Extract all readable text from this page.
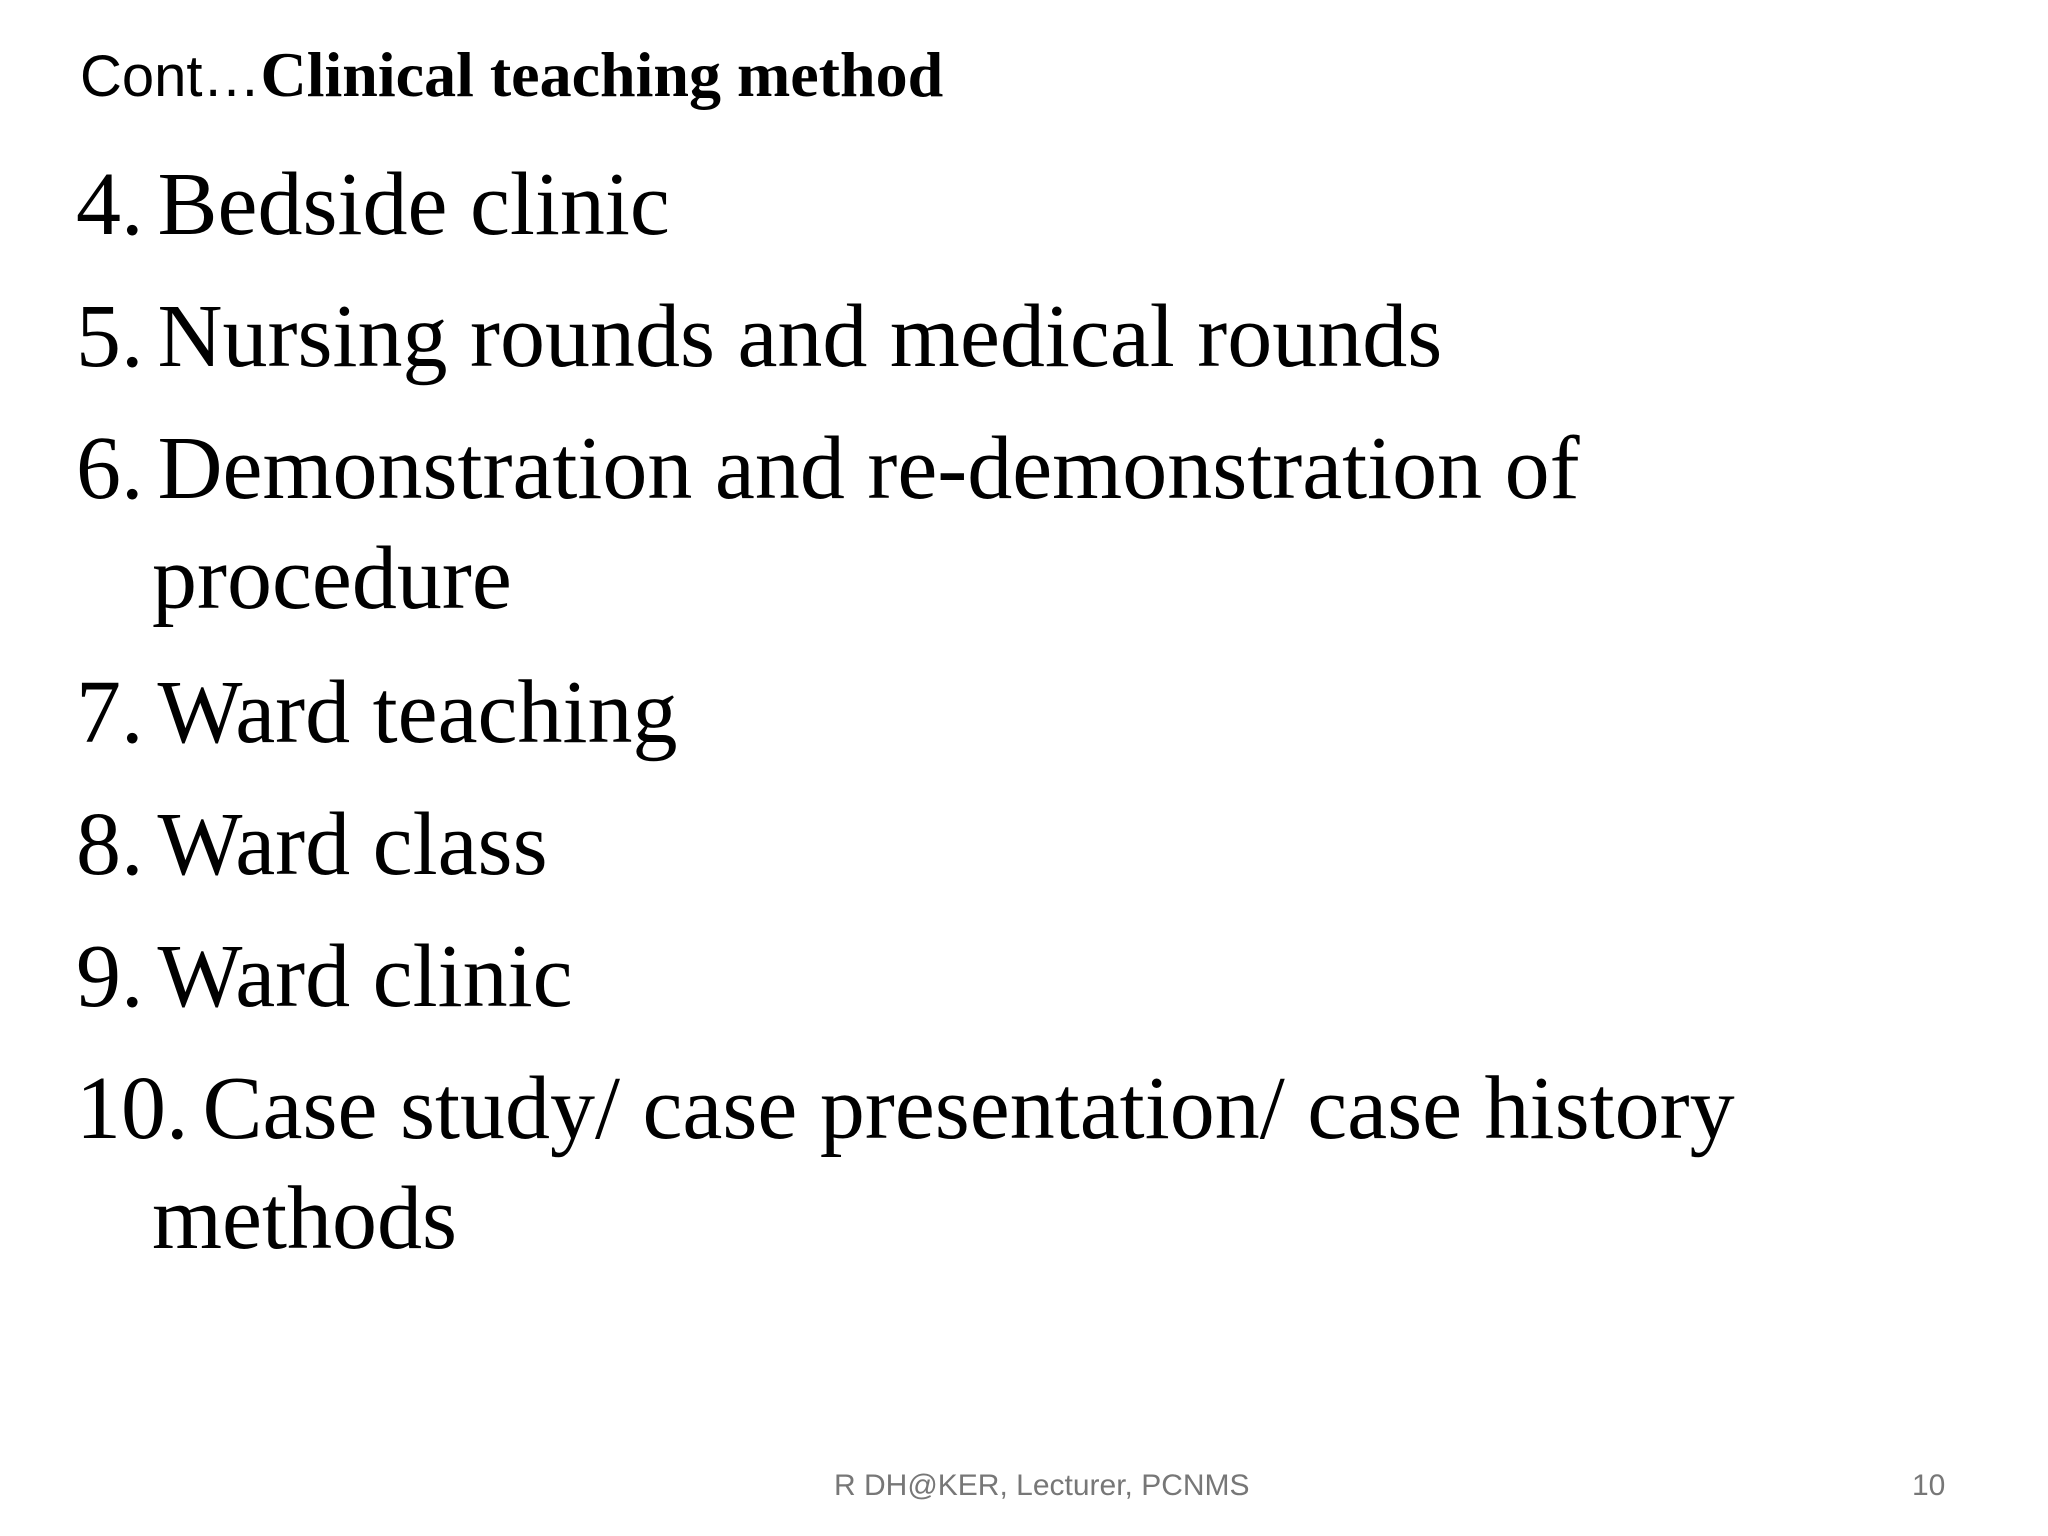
Cont…Clinical teaching method
4. Bedside clinic
5. Nursing rounds and medical rounds
6. Demonstration and re-demonstration of
procedure
7. Ward teaching
8. Ward class
9. Ward clinic
10. Case study/ case presentation/ case history
methods
R DH@KER, Lecturer, PCNMS	10
